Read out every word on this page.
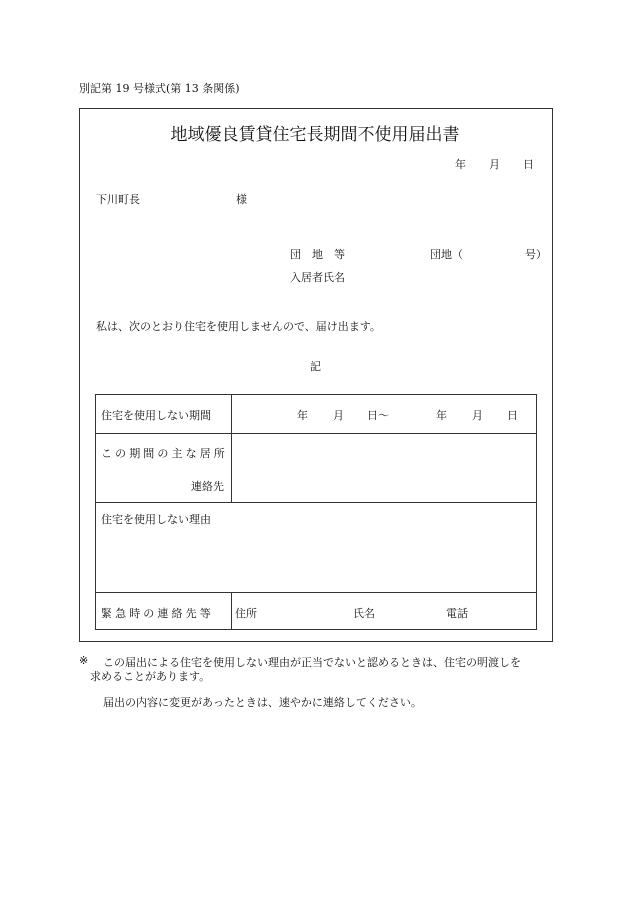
別記第 19 号様式(第 13 条関係)
地域優良賃貸住宅長期間不使用届出書
年 月 日
下川町長	様
団　地　等	団地（	号）
入居者氏名
私は、次のとおり住宅を使用しませんので、届け出ます。
記
住宅を使用しない期間	年 月 日〜	年 月 日
この期間の主な居所
連絡先
住宅を使用しない理由
緊急時の連絡先等 住所	氏名	電話
※ この届出による住宅を使用しない理由が正当でないと認めるときは、住宅の明渡しを
求めることがあります。
届出の内容に変更があったときは、速やかに連絡してください。
